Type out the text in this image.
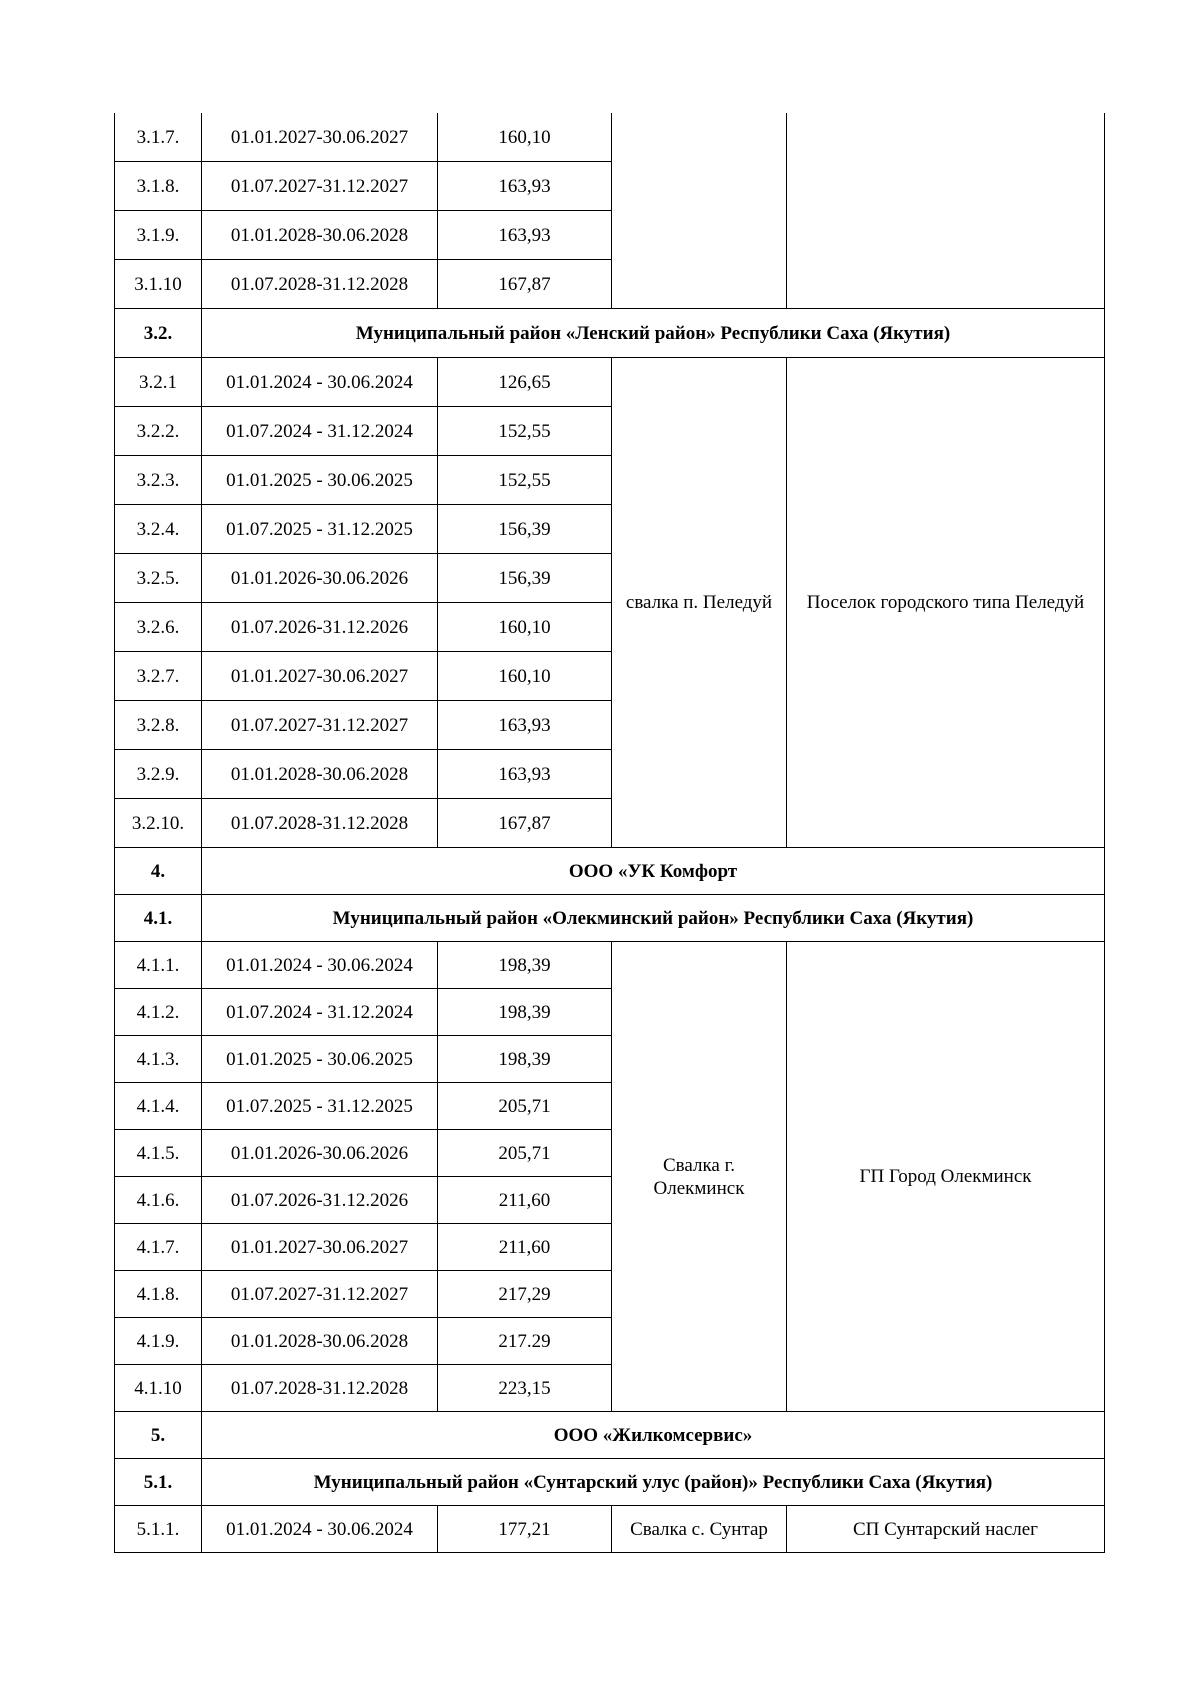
3.1.7.	01.01.2027-30.06.2027	160,10		
3.1.8.	01.07.2027-31.12.2027	163,93		
3.1.9.	01.01.2028-30.06.2028	163,93		
3.1.10	01.07.2028-31.12.2028	167,87		
3.2.	Муниципальный район «Ленский район» Республики Саха (Якутия)			
3.2.1	01.01.2024 - 30.06.2024	126,65	свалка п. Пеледуй	Поселок городского типа Пеледуй
3.2.2.	01.07.2024 - 31.12.2024	152,55		
3.2.3.	01.01.2025 - 30.06.2025	152,55		
3.2.4.	01.07.2025 - 31.12.2025	156,39		
3.2.5.	01.01.2026-30.06.2026	156,39		
3.2.6.	01.07.2026-31.12.2026	160,10		
3.2.7.	01.01.2027-30.06.2027	160,10		
3.2.8.	01.07.2027-31.12.2027	163,93		
3.2.9.	01.01.2028-30.06.2028	163,93		
3.2.10.	01.07.2028-31.12.2028	167,87		
4.	ООО «УК Комфорт			
4.1.	Муниципальный район «Олекминский район» Республики Саха (Якутия)			
4.1.1.	01.01.2024 - 30.06.2024	198,39	Свалка г. Олекминск	ГП Город Олекминск
4.1.2.	01.07.2024 - 31.12.2024	198,39		
4.1.3.	01.01.2025 - 30.06.2025	198,39		
4.1.4.	01.07.2025 - 31.12.2025	205,71		
4.1.5.	01.01.2026-30.06.2026	205,71		
4.1.6.	01.07.2026-31.12.2026	211,60		
4.1.7.	01.01.2027-30.06.2027	211,60		
4.1.8.	01.07.2027-31.12.2027	217,29		
4.1.9.	01.01.2028-30.06.2028	217.29		
4.1.10	01.07.2028-31.12.2028	223,15		
5.	ООО «Жилкомсервис»			
5.1.	Муниципальный район «Сунтарский улус (район)» Республики Саха (Якутия)			
5.1.1.	01.01.2024 - 30.06.2024	177,21	Свалка с. Сунтар	СП Сунтарский наслег
